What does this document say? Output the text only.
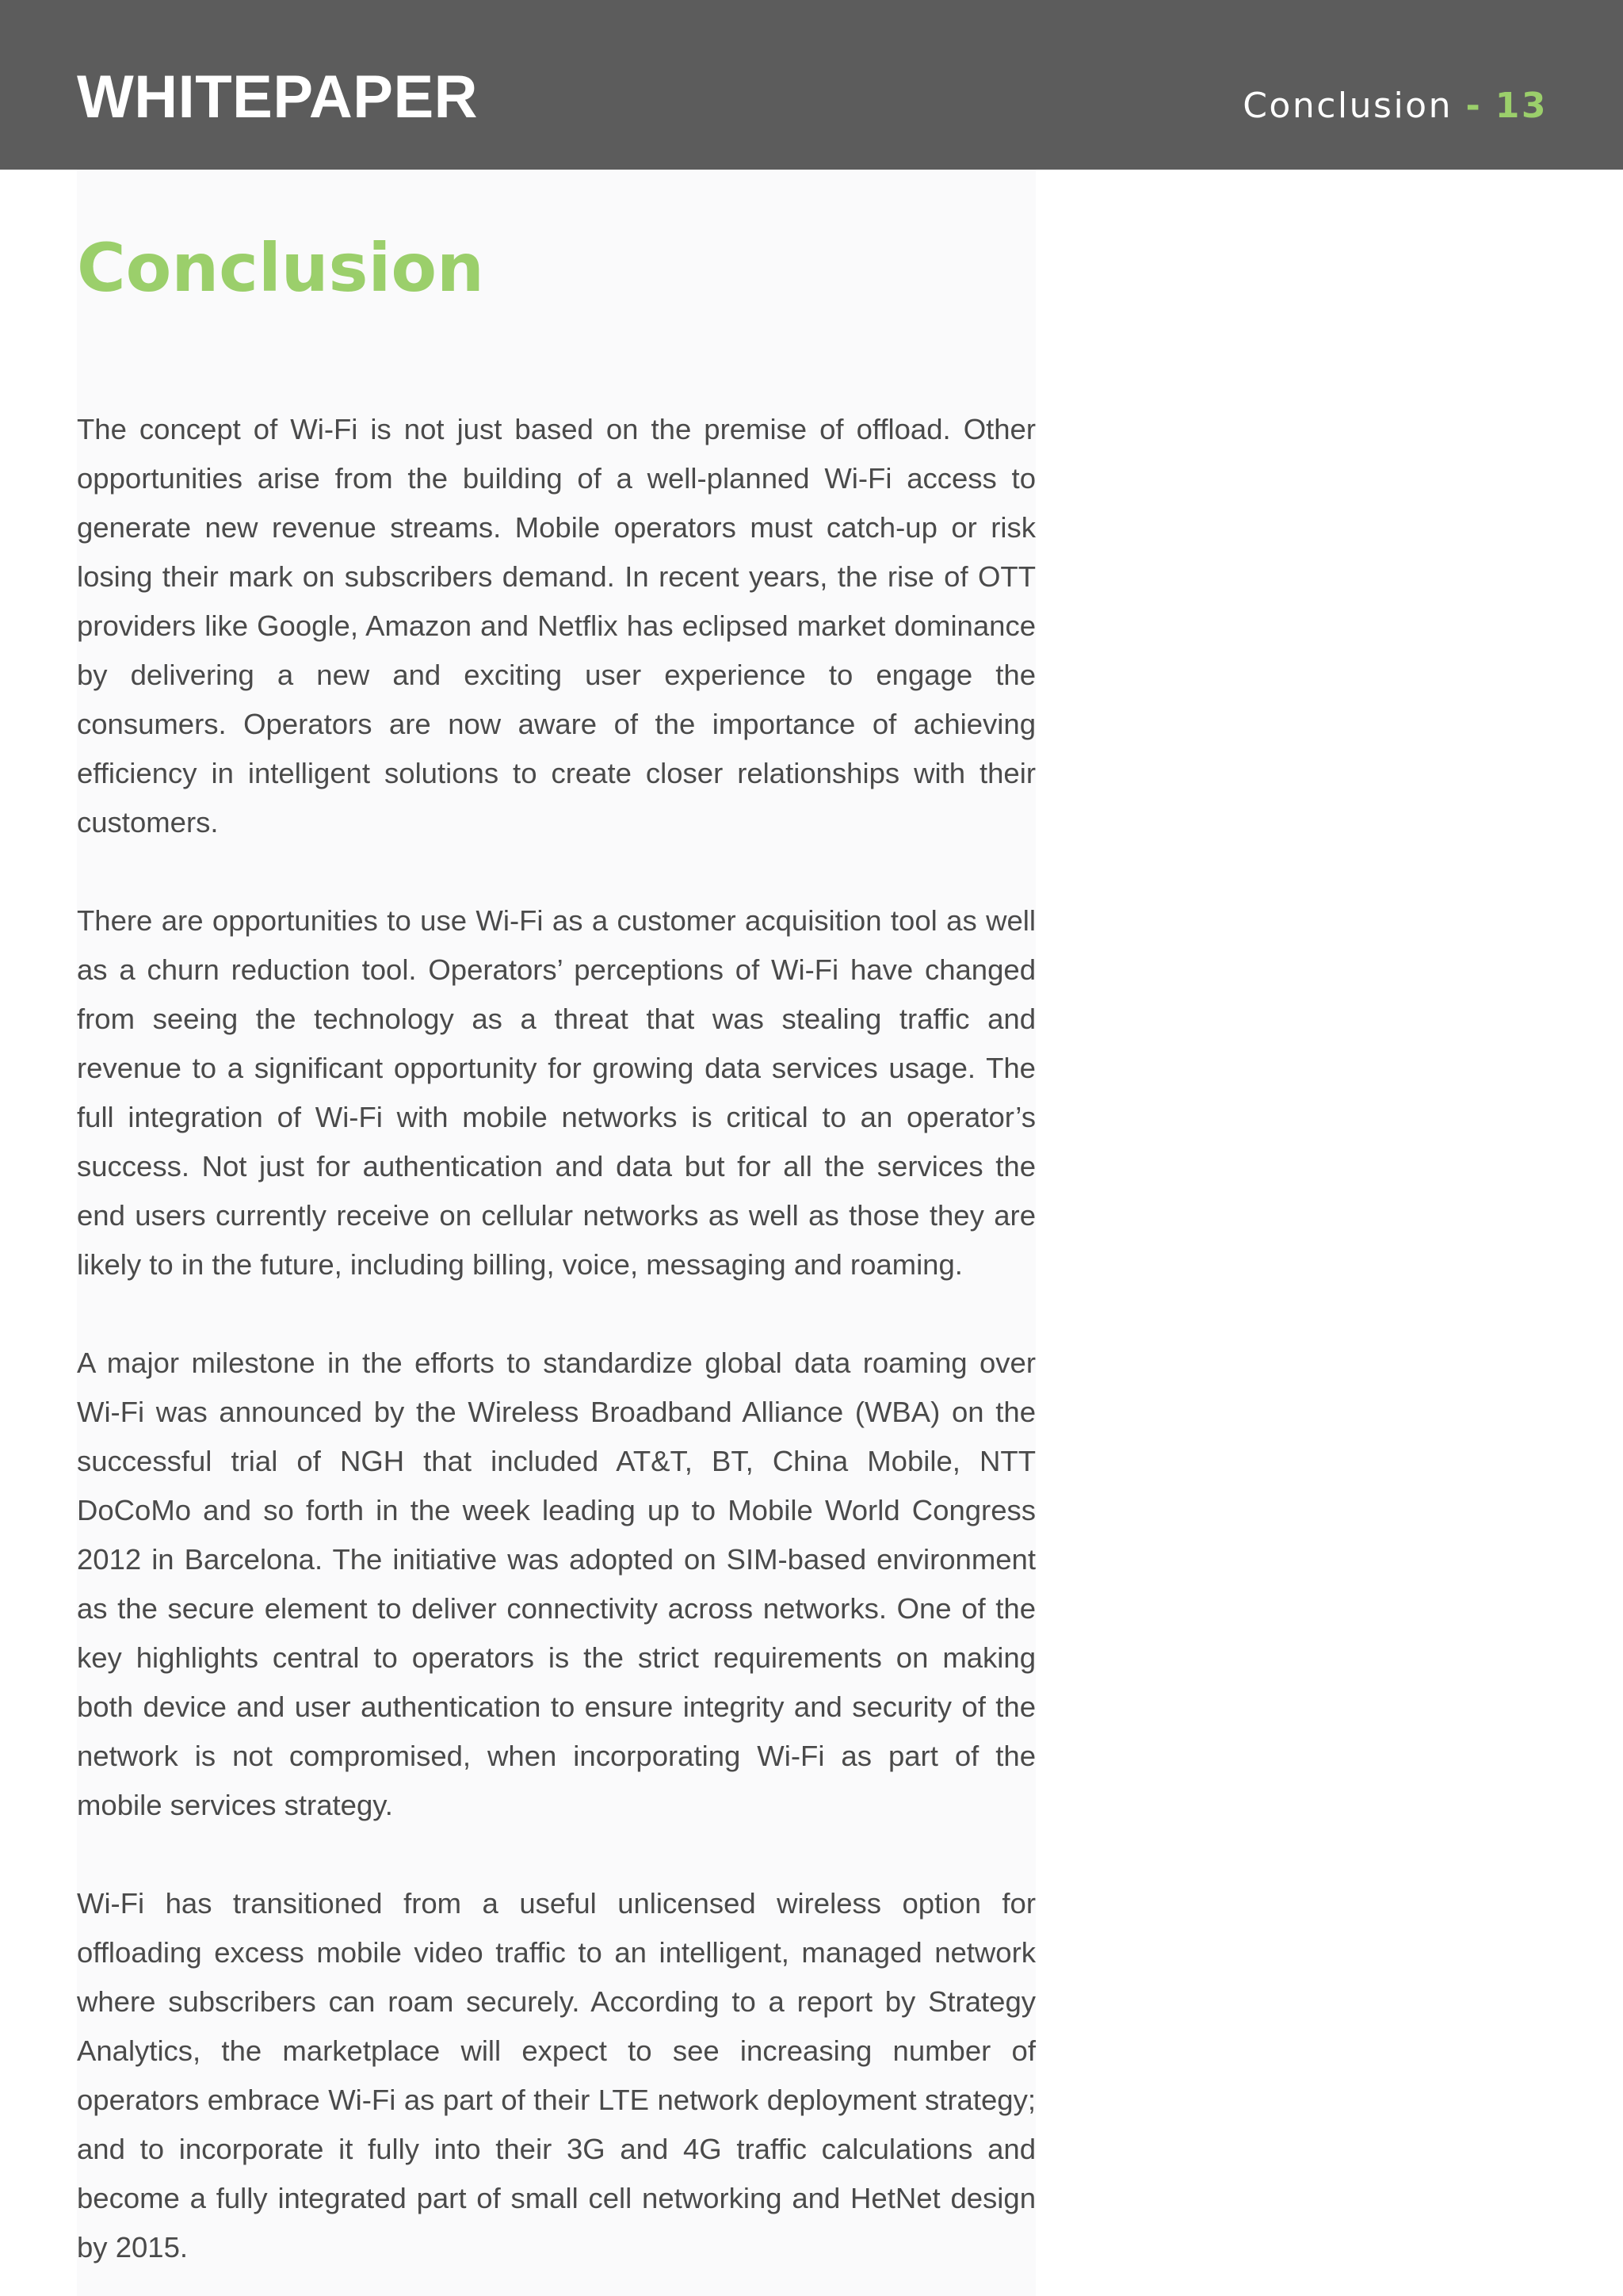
WHITEPAPER	Conclusion - 13
Conclusion

The concept of Wi-Fi is not just based on the premise of offload. Other opportunities arise from the building of a well-planned Wi-Fi access to generate new revenue streams. Mobile operators must catch-up or risk losing their mark on subscribers demand. In recent years, the rise of OTT providers like Google, Amazon and Netflix has eclipsed market dominance by delivering a new and exciting user experience to engage the consumers. Operators are now aware of the importance of achieving efficiency in intelligent solutions to create closer relationships with their customers.

There are opportunities to use Wi-Fi as a customer acquisition tool as well as a churn reduction tool. Operators’ perceptions of Wi-Fi have changed from seeing the technology as a threat that was stealing traffic and revenue to a significant opportunity for growing data services usage. The full integration of Wi-Fi with mobile networks is critical to an operator’s success. Not just for authentication and data but for all the services the end users currently receive on cellular networks as well as those they are likely to in the future, including billing, voice, messaging and roaming.

A major milestone in the efforts to standardize global data roaming over Wi-Fi was announced by the Wireless Broadband Alliance (WBA) on the successful trial of NGH that included AT&T, BT, China Mobile, NTT DoCoMo and so forth in the week leading up to Mobile World Congress 2012 in Barcelona. The initiative was adopted on SIM-based environment as the secure element to deliver connectivity across networks. One of the key highlights central to operators is the strict requirements on making both device and user authentication to ensure integrity and security of the network is not compromised, when incorporating Wi-Fi as part of the mobile services strategy.

Wi-Fi has transitioned from a useful unlicensed wireless option for offloading excess mobile video traffic to an intelligent, managed network where subscribers can roam securely. According to a report by Strategy Analytics, the marketplace will expect to see increasing number of operators embrace Wi-Fi as part of their LTE network deployment strategy; and to incorporate it fully into their 3G and 4G traffic calculations and become a fully integrated part of small cell networking and HetNet design by 2015.
